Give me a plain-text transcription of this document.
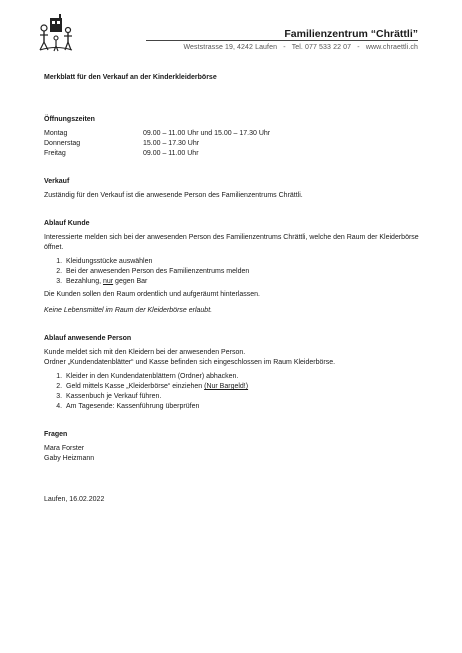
Familienzentrum “Chrättli”
Weststrasse 19, 4242 Laufen - Tel. 077 533 22 07 - www.chraettli.ch

Merkblatt für den Verkauf an der Kinderkleiderbörse

Öffnungszeiten

Montag	09.00 – 11.00 Uhr und 15.00 – 17.30 Uhr
Donnerstag	15.00 – 17.30 Uhr
Freitag	09.00 – 11.00 Uhr

Verkauf

Zuständig für den Verkauf ist die anwesende Person des Familienzentrums Chrättli.

Ablauf Kunde

Interessierte melden sich bei der anwesenden Person des Familienzentrums Chrättli, welche den Raum der Kleiderbörse öffnet.

1. Kleidungsstücke auswählen
2. Bei der anwesenden Person des Familienzentrums melden
3. Bezahlung, nur gegen Bar

Die Kunden sollen den Raum ordentlich und aufgeräumt hinterlassen.

Keine Lebensmittel im Raum der Kleiderbörse erlaubt.

Ablauf anwesende Person

Kunde meldet sich mit den Kleidern bei der anwesenden Person.

Ordner „Kundendatenblätter“ und Kasse befinden sich eingeschlossen im Raum Kleiderbörse.

1. Kleider in den Kundendatenblättern (Ordner) abhacken.
2. Geld mittels Kasse „Kleiderbörse“ einziehen (Nur Bargeld!)
3. Kassenbuch je Verkauf führen.
4. Am Tagesende: Kassenführung überprüfen

Fragen

Mara Forster

Gaby Heizmann

Laufen, 16.02.2022
